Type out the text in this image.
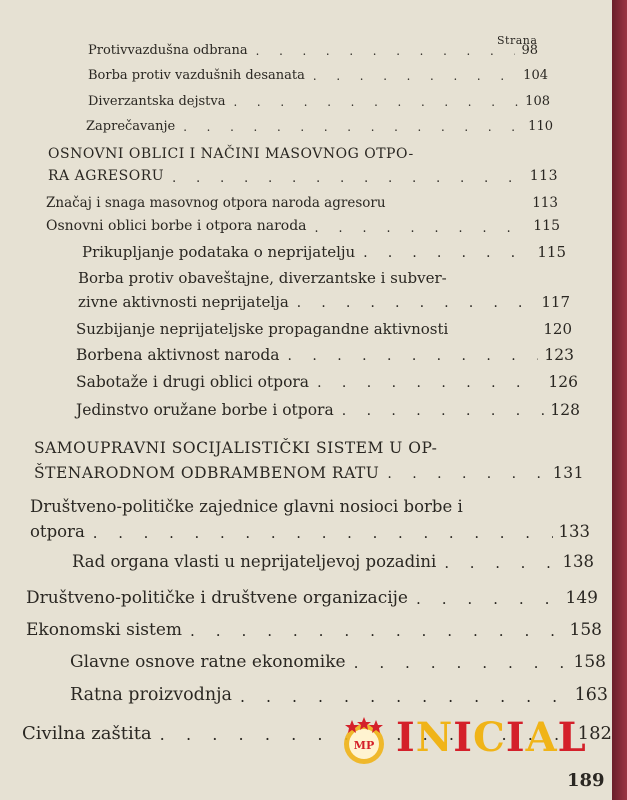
Strana
Protivvazdušna odbrana . . .	98
Borba protiv vazdušnih desanata . . .	104
Diverzantska dejstva . . .	108
Zaprečavanje . . .	110
OSNOVNI OBLICI I NAČINI MASOVNOG OTPO-
RA AGRESORU . . .	113
Značaj i snaga masovnog otpora naroda agresoru	113
Osnovni oblici borbe i otpora naroda . . .	115
Prikupljanje podataka o neprijatelju . . .	115
Borba protiv obaveštajne, diverzantske i subver-
zivne aktivnosti neprijatelja . . .	117
Suzbijanje neprijateljske propagandne aktivnosti	120
Borbena aktivnost naroda . . .	123
Sabotaže i drugi oblici otpora . . .	126
Jedinstvo oružane borbe i otpora . . .	128
SAMOUPRAVNI SOCIJALISTIČKI SISTEM U OP-
ŠTENARODNOM ODBRAMBENOM RATU . . .	131
Društveno-političke zajednice glavni nosioci borbe i
otpora . . .	133
Rad organa vlasti u neprijateljevoj pozadini . . .	138
Društveno-političke i društvene organizacije . . .	149
Ekonomski sistem . . .	158
Glavne osnove ratne ekonomike . . .	158
Ratna proizvodnja . . .	163
Civilna zaštita . . .	182
MP INICIAL
189
